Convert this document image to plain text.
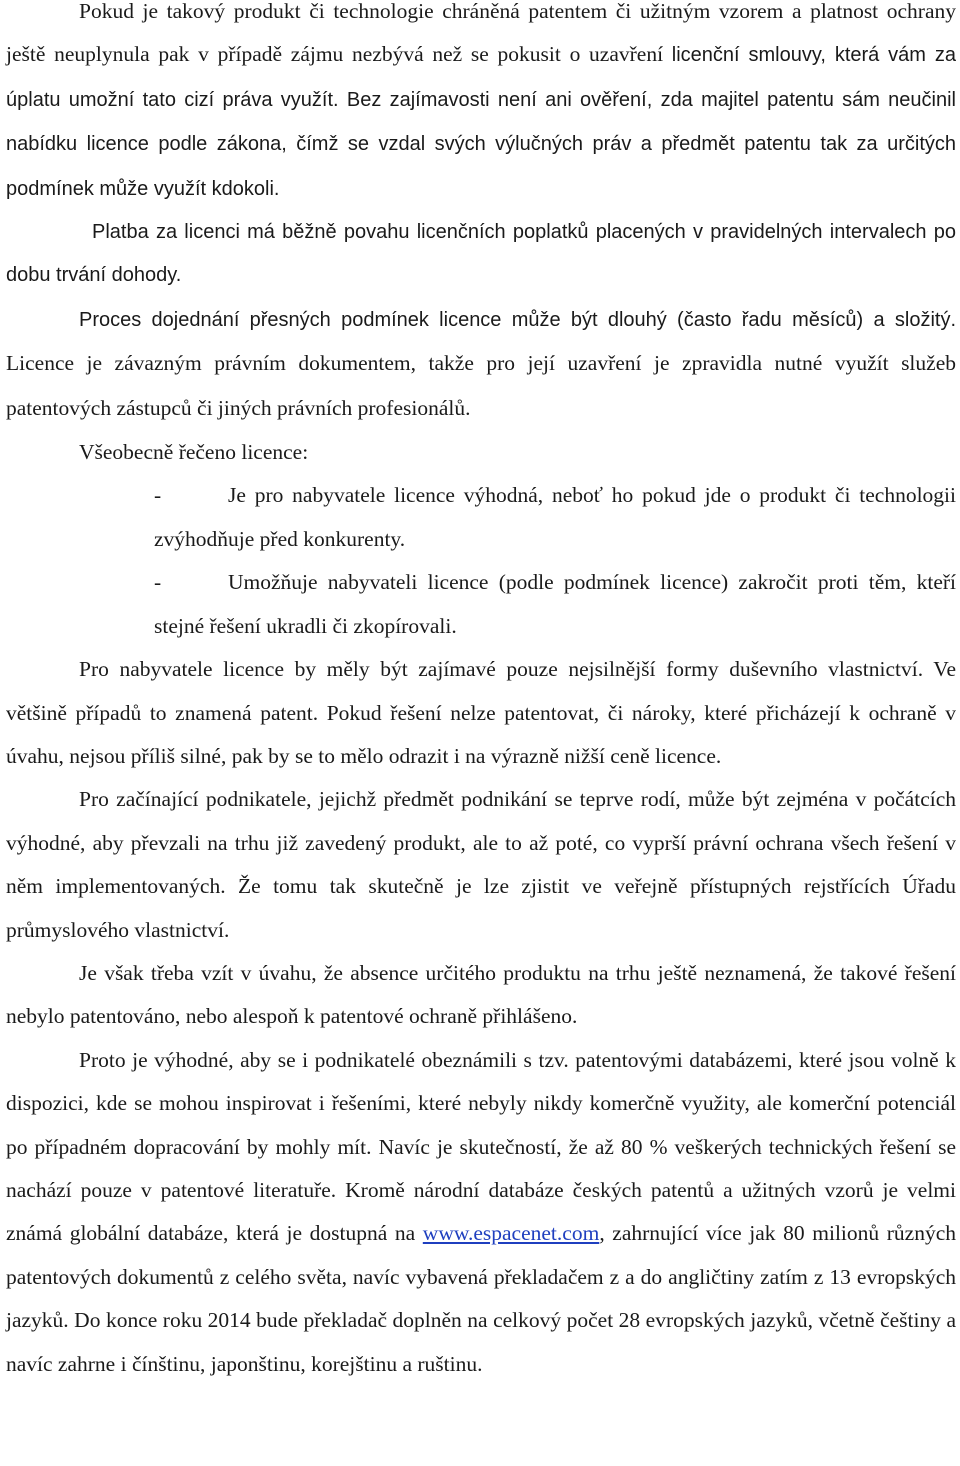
Pokud je takový produkt či technologie chráněná patentem či užitným vzorem a platnost ochrany ještě neuplynula pak v případě zájmu nezbývá než se pokusit o uzavření licenční smlouvy, která vám za úplatu umožní tato cizí práva využít. Bez zajímavosti není ani ověření, zda majitel patentu sám neučinil nabídku licence podle zákona, čímž se vzdal svých výlučných práv a předmět patentu tak za určitých podmínek může využít kdokoli.

Platba za licenci má běžně povahu licenčních poplatků placených v pravidelných intervalech po dobu trvání dohody.

Proces dojednání přesných podmínek licence může být dlouhý (často řadu měsíců) a složitý. Licence je závazným právním dokumentem, takže pro její uzavření je zpravidla nutné využít služeb patentových zástupců či jiných právních profesionálů.

Všeobecně řečeno licence:

-	Je pro nabyvatele licence výhodná, neboť ho pokud jde o produkt či technologii zvýhodňuje před konkurenty.
-	Umožňuje nabyvateli licence (podle podmínek licence) zakročit proti těm, kteří stejné řešení ukradli či zkopírovali.

Pro nabyvatele licence by měly být zajímavé pouze nejsilnější formy duševního vlastnictví. Ve většině případů to znamená patent. Pokud řešení nelze patentovat, či nároky, které přicházejí k ochraně v úvahu, nejsou příliš silné, pak by se to mělo odrazit i na výrazně nižší ceně licence.

Pro začínající podnikatele, jejichž předmět podnikání se teprve rodí, může být zejména v počátcích výhodné, aby převzali na trhu již zavedený produkt, ale to až poté, co vyprší právní ochrana všech řešení v něm implementovaných. Že tomu tak skutečně je lze zjistit ve veřejně přístupných rejstřících Úřadu průmyslového vlastnictví.

Je však třeba vzít v úvahu, že absence určitého produktu na trhu ještě neznamená, že takové řešení nebylo patentováno, nebo alespoň k patentové ochraně přihlášeno.

Proto je výhodné, aby se i podnikatelé obeznámili s tzv. patentovými databázemi, které jsou volně k dispozici, kde se mohou inspirovat i řešeními, které nebyly nikdy komerčně využity, ale komerční potenciál po případném dopracování by mohly mít. Navíc je skutečností, že až 80 % veškerých technických řešení se nachází pouze v patentové literatuře. Kromě národní databáze českých patentů a užitných vzorů je velmi známá globální databáze, která je dostupná na www.espacenet.com, zahrnující více jak 80 milionů různých patentových dokumentů z celého světa, navíc vybavená překladačem z a do angličtiny zatím z 13 evropských jazyků. Do konce roku 2014 bude překladač doplněn na celkový počet 28 evropských jazyků, včetně češtiny a navíc zahrne i čínštinu, japonštinu, korejštinu a ruštinu.
